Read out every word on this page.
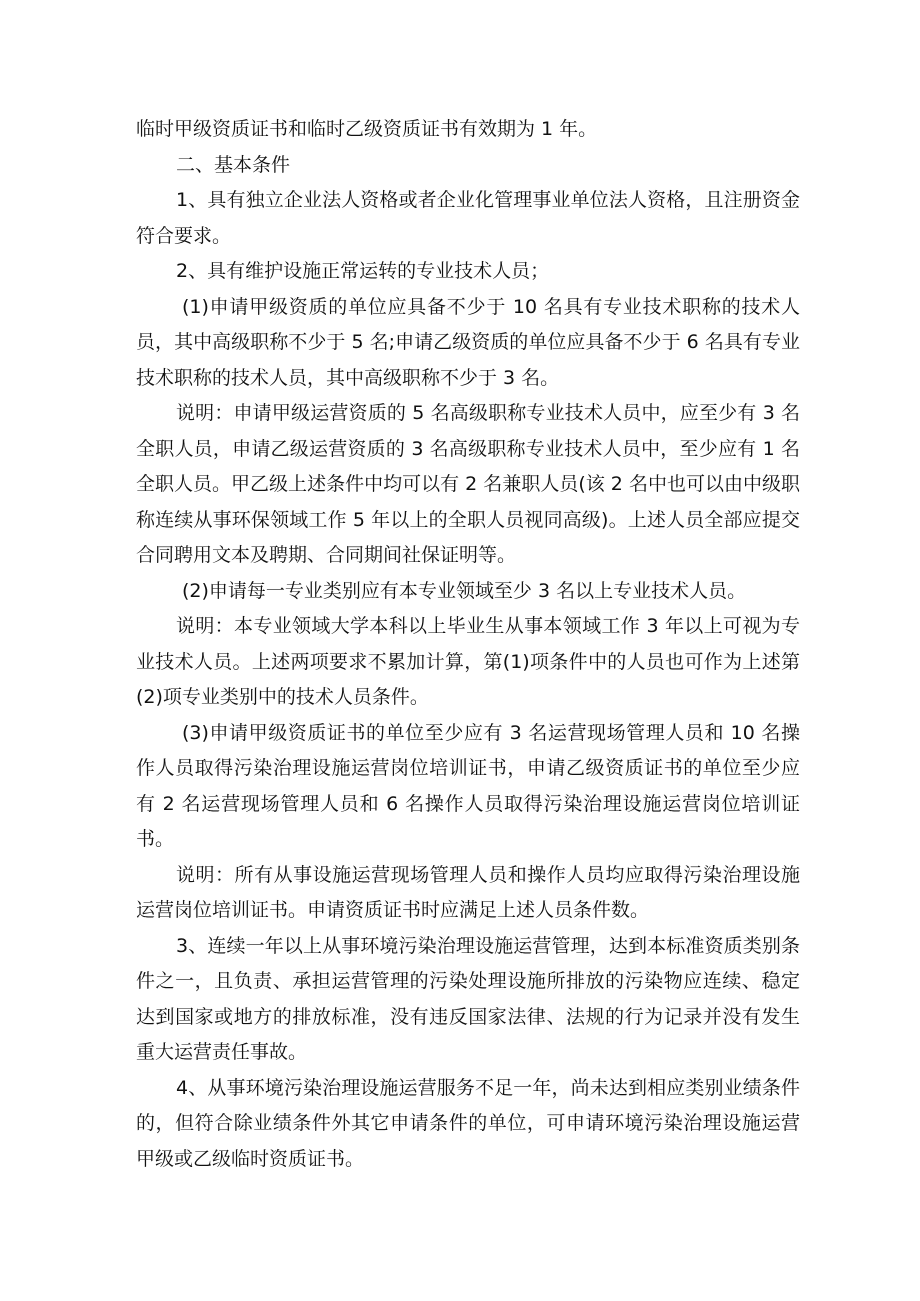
临时甲级资质证书和临时乙级资质证书有效期为 1 年。

二、基本条件

1、具有独立企业法人资格或者企业化管理事业单位法人资格，且注册资金符合要求。

2、具有维护设施正常运转的专业技术人员；

(1)申请甲级资质的单位应具备不少于 10 名具有专业技术职称的技术人员，其中高级职称不少于 5 名;申请乙级资质的单位应具备不少于 6 名具有专业技术职称的技术人员，其中高级职称不少于 3 名。

说明：申请甲级运营资质的 5 名高级职称专业技术人员中，应至少有 3 名全职人员，申请乙级运营资质的 3 名高级职称专业技术人员中，至少应有 1 名全职人员。甲乙级上述条件中均可以有 2 名兼职人员(该 2 名中也可以由中级职称连续从事环保领域工作 5 年以上的全职人员视同高级)。上述人员全部应提交合同聘用文本及聘期、合同期间社保证明等。

(2)申请每一专业类别应有本专业领域至少 3 名以上专业技术人员。

说明：本专业领域大学本科以上毕业生从事本领域工作 3 年以上可视为专业技术人员。上述两项要求不累加计算，第(1)项条件中的人员也可作为上述第 (2)项专业类别中的技术人员条件。

(3)申请甲级资质证书的单位至少应有 3 名运营现场管理人员和 10 名操作人员取得污染治理设施运营岗位培训证书，申请乙级资质证书的单位至少应有 2 名运营现场管理人员和 6 名操作人员取得污染治理设施运营岗位培训证书。

说明：所有从事设施运营现场管理人员和操作人员均应取得污染治理设施运营岗位培训证书。申请资质证书时应满足上述人员条件数。

3、连续一年以上从事环境污染治理设施运营管理，达到本标准资质类别条件之一，且负责、承担运营管理的污染处理设施所排放的污染物应连续、稳定达到国家或地方的排放标准，没有违反国家法律、法规的行为记录并没有发生重大运营责任事故。

4、从事环境污染治理设施运营服务不足一年，尚未达到相应类别业绩条件的，但符合除业绩条件外其它申请条件的单位，可申请环境污染治理设施运营甲级或乙级临时资质证书。
